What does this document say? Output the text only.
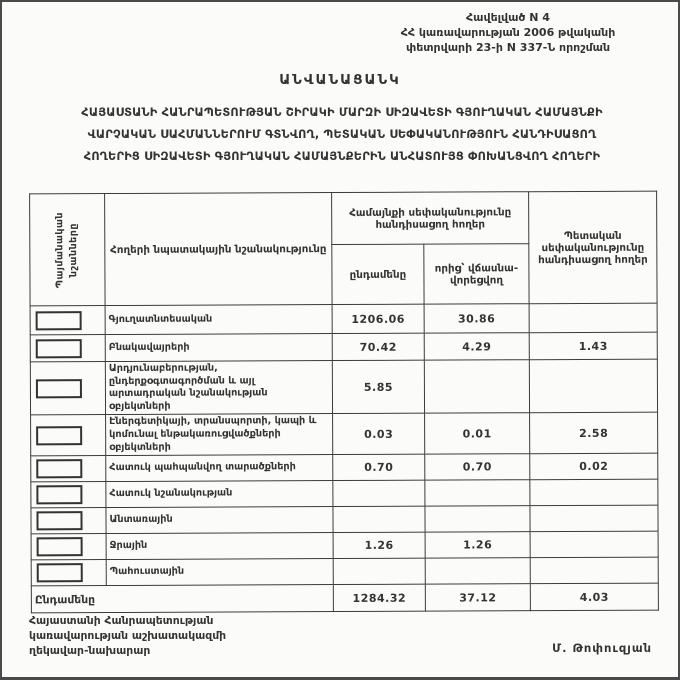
Հավելված N 4
ՀՀ կառավարության 2006 թվականի
փետրվարի 23-ի N 337-Ն որոշման
ԱՆՎԱՆԱՑԱՆԿ
ՀԱՅԱՍՏԱՆԻ ՀԱՆՐԱՊԵՏՈՒԹՅԱՆ ՇԻՐԱԿԻ ՄԱՐԶԻ ՍԻԶԱՎԵՏԻ ԳՅՈՒՂԱԿԱՆ ՀԱՄԱՅՆՔԻ
ՎԱՐՉԱԿԱՆ ՍԱՀՄԱՆՆԵՐՈՒՄ ԳՏՆՎՈՂ, ՊԵՏԱԿԱՆ ՍԵՓԱԿԱՆՈՒԹՅՈՒՆ ՀԱՆԴԻՍԱՑՈՂ
ՀՈՂԵՐԻՑ ՍԻԶԱՎԵՏԻ ԳՅՈՒՂԱԿԱՆ ՀԱՄԱՅՆՔԵՐԻՆ ԱՆՀԱՏՈՒՅՑ ՓՈԽԱՆՑՎՈՂ ՀՈՂԵՐԻ
Պայմանական նշանները	Հողերի նպատակային նշանակությունը	Համայնքի սեփականությունը հանդիսացող հողեր		Պետական սեփականությունը հանդիսացող հողեր
		ընդամենը	որից՝ վճասնա-վորեցվող	

	Գյուղատնտեսական	1206.06	30.86	

	Բնակավայրերի	70.42	4.29	1.43

	Արդյունաբերության, ընդերքօգտագործման և այլ արտադրական նշանակության օբյեկտների	5.85		

	Էներգետիկայի, տրանսպորտի, կապի և կոմունալ ենթակառուցվածքների օբյեկտների	0.03	0.01	2.58

	Հատուկ պահպանվող տարածքների	0.70	0.70	0.02

	Հատուկ նշանակության			

	Անտառային			

	Ջրային	1.26	1.26	

	Պահուստային			
Ընդամենը		1284.32	37.12	4.03
Հայաստանի Հանրապետության
կառավարության աշխատակազմի
ղեկավար-նախարար	Մ. Թոփուզյան
